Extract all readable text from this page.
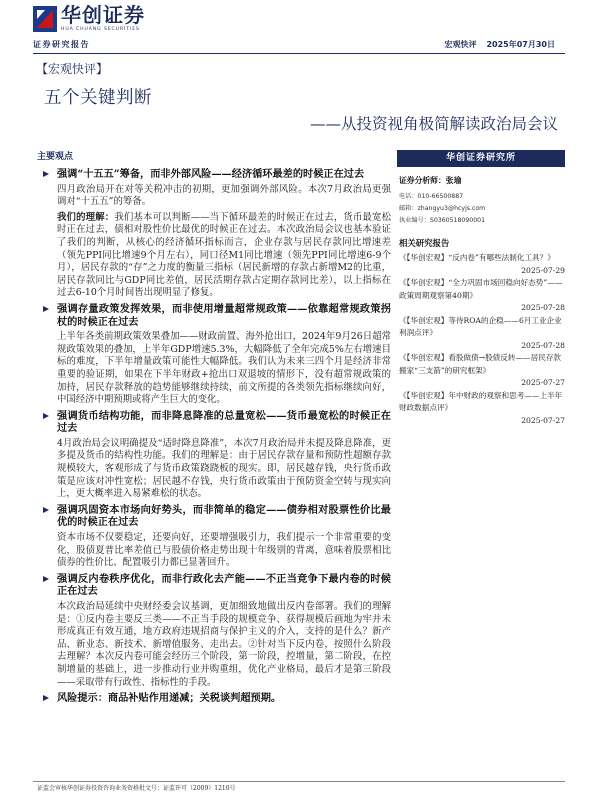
华创证券
HUA CHUANG SECURITIES
证券研究报告	宏观快评 2025年07月30日
【宏观快评】
五个关键判断
——从投资视角极简解读政治局会议
主要观点
强调“十五五”筹备，而非外部风险——经济循环最差的时候正在过去

四月政治局开在对等关税冲击的初期，更加强调外部风险。本次7月政治局更强调对“十五五”的筹备。

我们的理解：我们基本可以判断——当下循环最差的时候正在过去，货币最宽松时正在过去，债相对股性价比最优的时候正在过去。本次政治局会议也基本验证了我们的判断，从核心的经济循环指标而言，企业存款与居民存款同比增速差（领先PPI同比增速9个月左右），同口径M1同比增速（领先PPI同比增速6-9个月），居民存款的“存”之力度的衡量三指标（居民新增的存款占新增M2的比重，居民存款同比与GDP同比差值，居民活期存款占定期存款同比差），以上指标在过去6-10个月时间皆出现明显了修复。

强调存量政策发挥效果，而非使用增量超常规政策——依靠超常规政策拐杖的时候正在过去

上半年各类前期政策效果叠加——财政前置、海外抢出口，2024年9月26日超常规政策效果的叠加，上半年GDP增速5.3%，大幅降低了全年完成5%左右增速目标的难度，下半年增量政策可能性大幅降低。我们认为未来三四个月是经济非常重要的验证期，如果在下半年财政+抢出口双退坡的情形下，没有超常规政策的加持，居民存款释放的趋势能够继续持续，前文所提的各类领先指标继续向好，中国经济中期预期或将产生巨大的变化。

强调货币结构功能，而非降息降准的总量宽松——货币最宽松的时候正在过去

4月政治局会议明确提及“适时降息降准”，本次7月政治局并未提及降息降准，更多提及货币的结构性功能。我们的理解是：由于居民存款存量和预防性超额存款规模较大，客观形成了与货币政策跷跷板的现实。即，居民越存钱，央行货币政策是应该对冲性宽松；居民越不存钱，央行货币政策由于预防资金空转与现实向上，更大概率进入易紧难松的状态。

强调巩固资本市场向好势头，而非简单的稳定——债券相对股票性价比最优的时候正在过去

资本市场不仅要稳定，还要向好，还要增强吸引力，我们提示一个非常重要的变化，股债夏普比率差值已与股债价格走势出现十年级别的背离，意味着股票相比债券的性价比、配置吸引力都已显著回升。

强调反内卷秩序优化，而非行政化去产能——不正当竞争下最内卷的时候正在过去

本次政治局延续中央财经委会议基调，更加细致地做出反内卷部署。我们的理解是：①反内卷主要反三类——不正当手段的规模竞争、获得规模后画地为牢并未形成真正有效互通，地方政府违规招商与保护主义的介入，支持的是什么？新产品、新业态、新技术、新增值服务、走出去。②针对当下反内卷，按照什么阶段去理解？本次反内卷可能会经历三个阶段，第一阶段，控增量，第二阶段，在控制增量的基础上，进一步推动行业并购重组，优化产业格局，最后才是第三阶段——采取带有行政性、指标性的手段。

风险提示：商品补贴作用递减；关税谈判超预期。
华创证券研究所
证券分析师：张瑜
电话：010-66500887
邮箱：zhangyu3@hcyjs.com
执业编号：S0360518090001
相关研究报告
《【华创宏观】“反内卷”有哪些法制化工具？》
2025-07-29
《【华创宏观】“全力巩固市场回稳向好态势”——政策周期观察第40期》
2025-07-28
《【华创宏观】等待ROA的企稳——6月工业企业利润点评》
2025-07-28
《【华创宏观】看股做债→股债反转——居民存款搬家“三支箭”的研究框架》
2025-07-27
《【华创宏观】年中财政的观察和思考——上半年财政数据点评》
2025-07-27
证监会审核华创证券投资咨询业务资格批文号：证监许可（2009）1210号
